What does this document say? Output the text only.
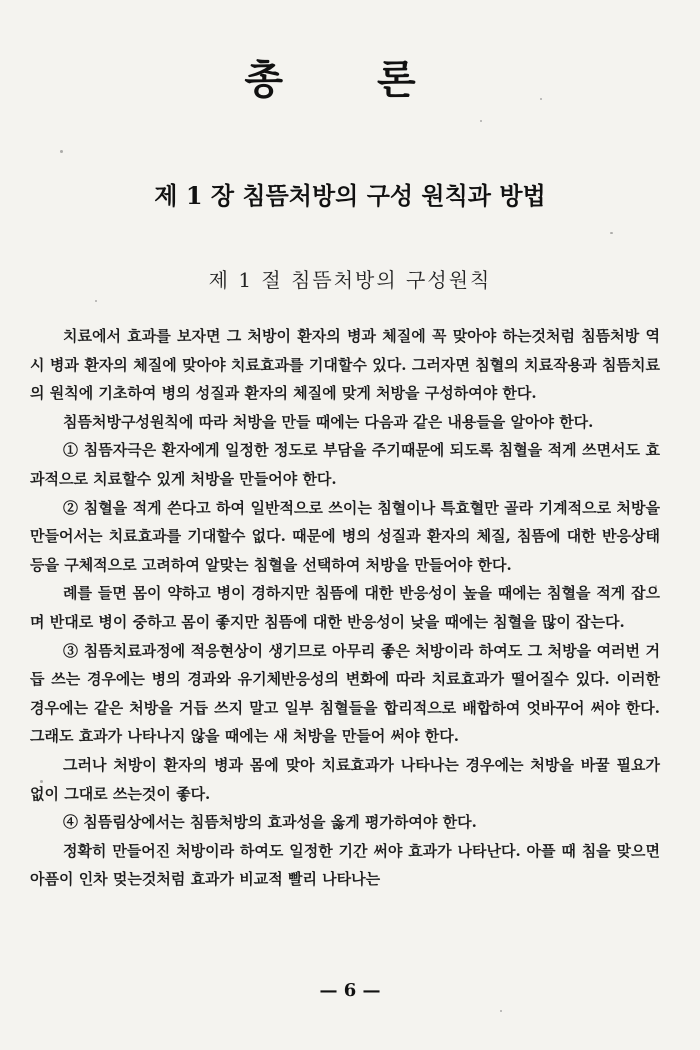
총 론
제 1 장 침뜸처방의 구성 원칙과 방법
제 1 절 침뜸처방의 구성원칙

치료에서 효과를 보자면 그 처방이 환자의 병과 체질에 꼭 맞아야 하는것처럼 침뜸처방 역시 병과 환자의 체질에 맞아야 치료효과를 기대할수 있다. 그러자면 침혈의 치료작용과 침뜸치료의 원칙에 기초하여 병의 성질과 환자의 체질에 맞게 처방을 구성하여야 한다.

침뜸처방구성원칙에 따라 처방을 만들 때에는 다음과 같은 내용들을 알아야 한다.

① 침뜸자극은 환자에게 일정한 정도로 부담을 주기때문에 되도록 침혈을 적게 쓰면서도 효과적으로 치료할수 있게 처방을 만들어야 한다.

② 침혈을 적게 쓴다고 하여 일반적으로 쓰이는 침혈이나 특효혈만 골라 기계적으로 처방을 만들어서는 치료효과를 기대할수 없다. 때문에 병의 성질과 환자의 체질, 침뜸에 대한 반응상태 등을 구체적으로 고려하여 알맞는 침혈을 선택하여 처방을 만들어야 한다.

례를 들면 몸이 약하고 병이 경하지만 침뜸에 대한 반응성이 높을 때에는 침혈을 적게 잡으며 반대로 병이 중하고 몸이 좋지만 침뜸에 대한 반응성이 낮을 때에는 침혈을 많이 잡는다.

③ 침뜸치료과정에 적응현상이 생기므로 아무리 좋은 처방이라 하여도 그 처방을 여러번 거듭 쓰는 경우에는 병의 경과와 유기체반응성의 변화에 따라 치료효과가 떨어질수 있다. 이러한 경우에는 같은 처방을 거듭 쓰지 말고 일부 침혈들을 합리적으로 배합하여 엇바꾸어 써야 한다. 그래도 효과가 나타나지 않을 때에는 새 처방을 만들어 써야 한다.

그러나 처방이 환자의 병과 몸에 맞아 치료효과가 나타나는 경우에는 처방을 바꿀 필요가 없이 그대로 쓰는것이 좋다.

④ 침뜸림상에서는 침뜸처방의 효과성을 옳게 평가하여야 한다.

정확히 만들어진 처방이라 하여도 일정한 기간 써야 효과가 나타난다. 아플 때 침을 맞으면 아픔이 인차 멎는것처럼 효과가 비교적 빨리 나타나는

— 6 —
